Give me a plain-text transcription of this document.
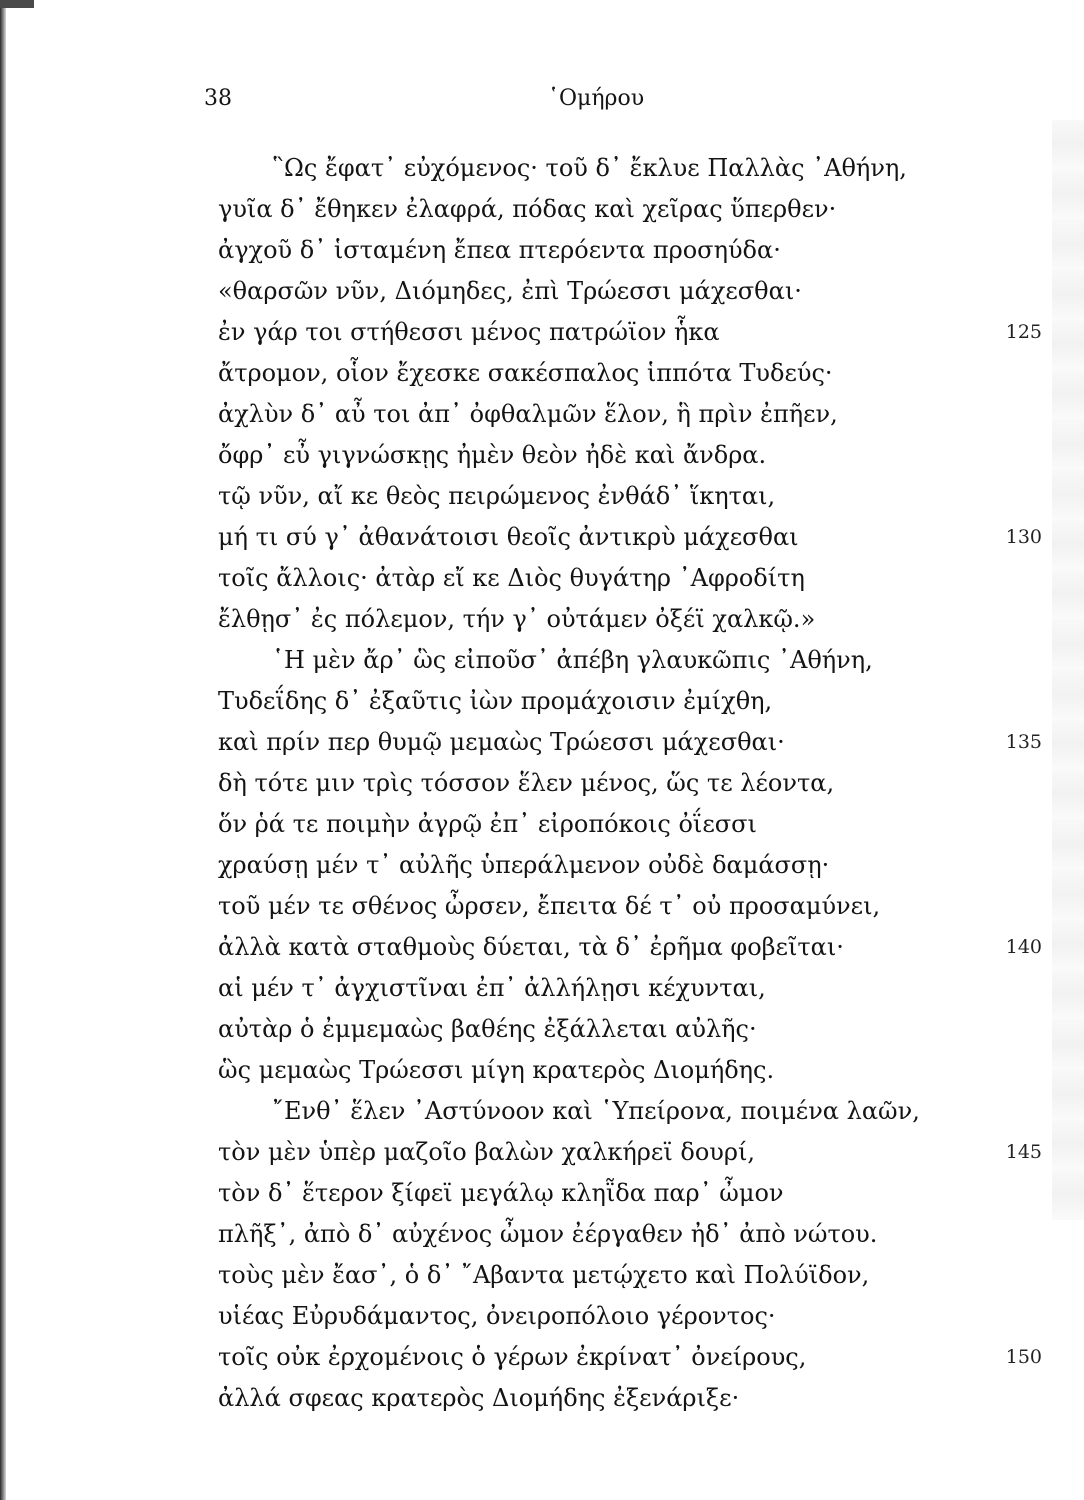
38	῾Ομήρου
῝Ως ἔφατ᾽ εὐχόμενος· τοῦ δ᾽ ἔκλυε Παλλὰς ᾽Αθήνη,
γυῖα δ᾽ ἔθηκεν ἐλαφρά, πόδας καὶ χεῖρας ὕπερθεν·
ἀγχοῦ δ᾽ ἱσταμένη ἔπεα πτερόεντα προσηύδα·
«θαρσῶν νῦν, Διόμηδες, ἐπὶ Τρώεσσι μάχεσθαι·
ἐν γάρ τοι στήθεσσι μένος πατρώϊον ἧκα	125
ἄτρομον, οἷον ἔχεσκε σακέσπαλος ἱππότα Τυδεύς·
ἀχλὺν δ᾽ αὖ τοι ἀπ᾽ ὀφθαλμῶν ἕλον, ἣ πρὶν ἐπῆεν,
ὄφρ᾽ εὖ γιγνώσκῃς ἠμὲν θεὸν ἠδὲ καὶ ἄνδρα.
τῷ νῦν, αἴ κε θεὸς πειρώμενος ἐνθάδ᾽ ἵκηται,
μή τι σύ γ᾽ ἀθανάτοισι θεοῖς ἀντικρὺ μάχεσθαι	130
τοῖς ἄλλοις· ἀτὰρ εἴ κε Διὸς θυγάτηρ ᾽Αφροδίτη
ἔλθῃσ᾽ ἐς πόλεμον, τήν γ᾽ οὐτάμεν ὀξέϊ χαλκῷ.»
῾Η μὲν ἄρ᾽ ὣς εἰποῦσ᾽ ἀπέβη γλαυκῶπις ᾽Αθήνη,
Τυδεΐδης δ᾽ ἐξαῦτις ἰὼν προμάχοισιν ἐμίχθη,
καὶ πρίν περ θυμῷ μεμαὼς Τρώεσσι μάχεσθαι·	135
δὴ τότε μιν τρὶς τόσσον ἕλεν μένος, ὥς τε λέοντα,
ὅν ῥά τε ποιμὴν ἀγρῷ ἐπ᾽ εἰροπόκοις ὀΐεσσι
χραύσῃ μέν τ᾽ αὐλῆς ὑπεράλμενον οὐδὲ δαμάσσῃ·
τοῦ μέν τε σθένος ὦρσεν, ἔπειτα δέ τ᾽ οὐ προσαμύνει,
ἀλλὰ κατὰ σταθμοὺς δύεται, τὰ δ᾽ ἐρῆμα φοβεῖται·	140
αἱ μέν τ᾽ ἀγχιστῖναι ἐπ᾽ ἀλλήλῃσι κέχυνται,
αὐτὰρ ὁ ἐμμεμαὼς βαθέης ἐξάλλεται αὐλῆς·
ὣς μεμαὼς Τρώεσσι μίγη κρατερὸς Διομήδης.
῎Ενθ᾽ ἕλεν ᾽Αστύνοον καὶ ῾Υπείρονα, ποιμένα λαῶν,
τὸν μὲν ὑπὲρ μαζοῖο βαλὼν χαλκήρεϊ δουρί,	145
τὸν δ᾽ ἕτερον ξίφεϊ μεγάλῳ κληῗδα παρ᾽ ὦμον
πλῆξ᾽, ἀπὸ δ᾽ αὐχένος ὦμον ἐέργαθεν ἠδ᾽ ἀπὸ νώτου.
τοὺς μὲν ἔασ᾽, ὁ δ᾽ ῎Αβαντα μετῴχετο καὶ Πολύϊδον,
υἱέας Εὐρυδάμαντος, ὀνειροπόλοιο γέροντος·
τοῖς οὐκ ἐρχομένοις ὁ γέρων ἐκρίνατ᾽ ὀνείρους,	150
ἀλλά σφεας κρατερὸς Διομήδης ἐξενάριξε·
